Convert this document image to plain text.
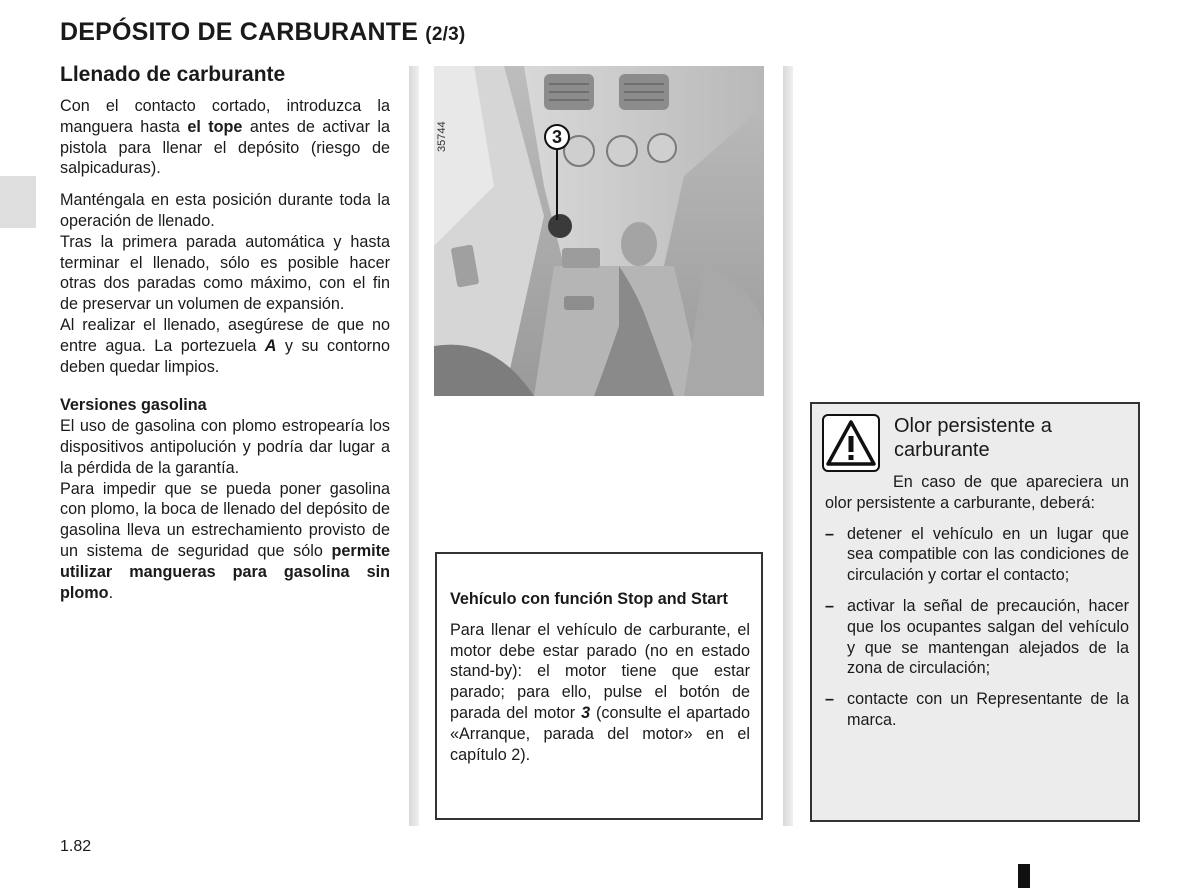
DEPÓSITO DE CARBURANTE (2/3)
Llenado de carburante

Con el contacto cortado, introduzca la manguera hasta el tope antes de activar la pistola para llenar el depósito (riesgo de salpicaduras).

Manténgala en esta posición durante toda la operación de llenado.

Tras la primera parada automática y hasta terminar el llenado, sólo es posible hacer otras dos paradas como máximo, con el fin de preservar un volumen de expansión.

Al realizar el llenado, asegúrese de que no entre agua. La portezuela A y su contorno deben quedar limpios.

Versiones gasolina

El uso de gasolina con plomo estropearía los dispositivos antipolución y podría dar lugar a la pérdida de la garantía.

Para impedir que se pueda poner gasolina con plomo, la boca de llenado del depósito de gasolina lleva un estrechamiento provisto de un sistema de seguridad que sólo permite utilizar mangueras para gasolina sin plomo.

35744	3
Vehículo con función Stop and Start

Para llenar el vehículo de carburante, el motor debe estar parado (no en estado stand-by): el motor tiene que estar parado; para ello, pulse el botón de parada del motor 3 (consulte el apartado «Arranque, parada del motor» en el capítulo 2).

Olor persistente a carburante

En caso de que apareciera un olor persistente a carburante, deberá:

– detener el vehículo en un lugar que sea compatible con las condiciones de circulación y cortar el contacto;
– activar la señal de precaución, hacer que los ocupantes salgan del vehículo y que se mantengan alejados de la zona de circulación;
– contacte con un Representante de la marca.
1.82
